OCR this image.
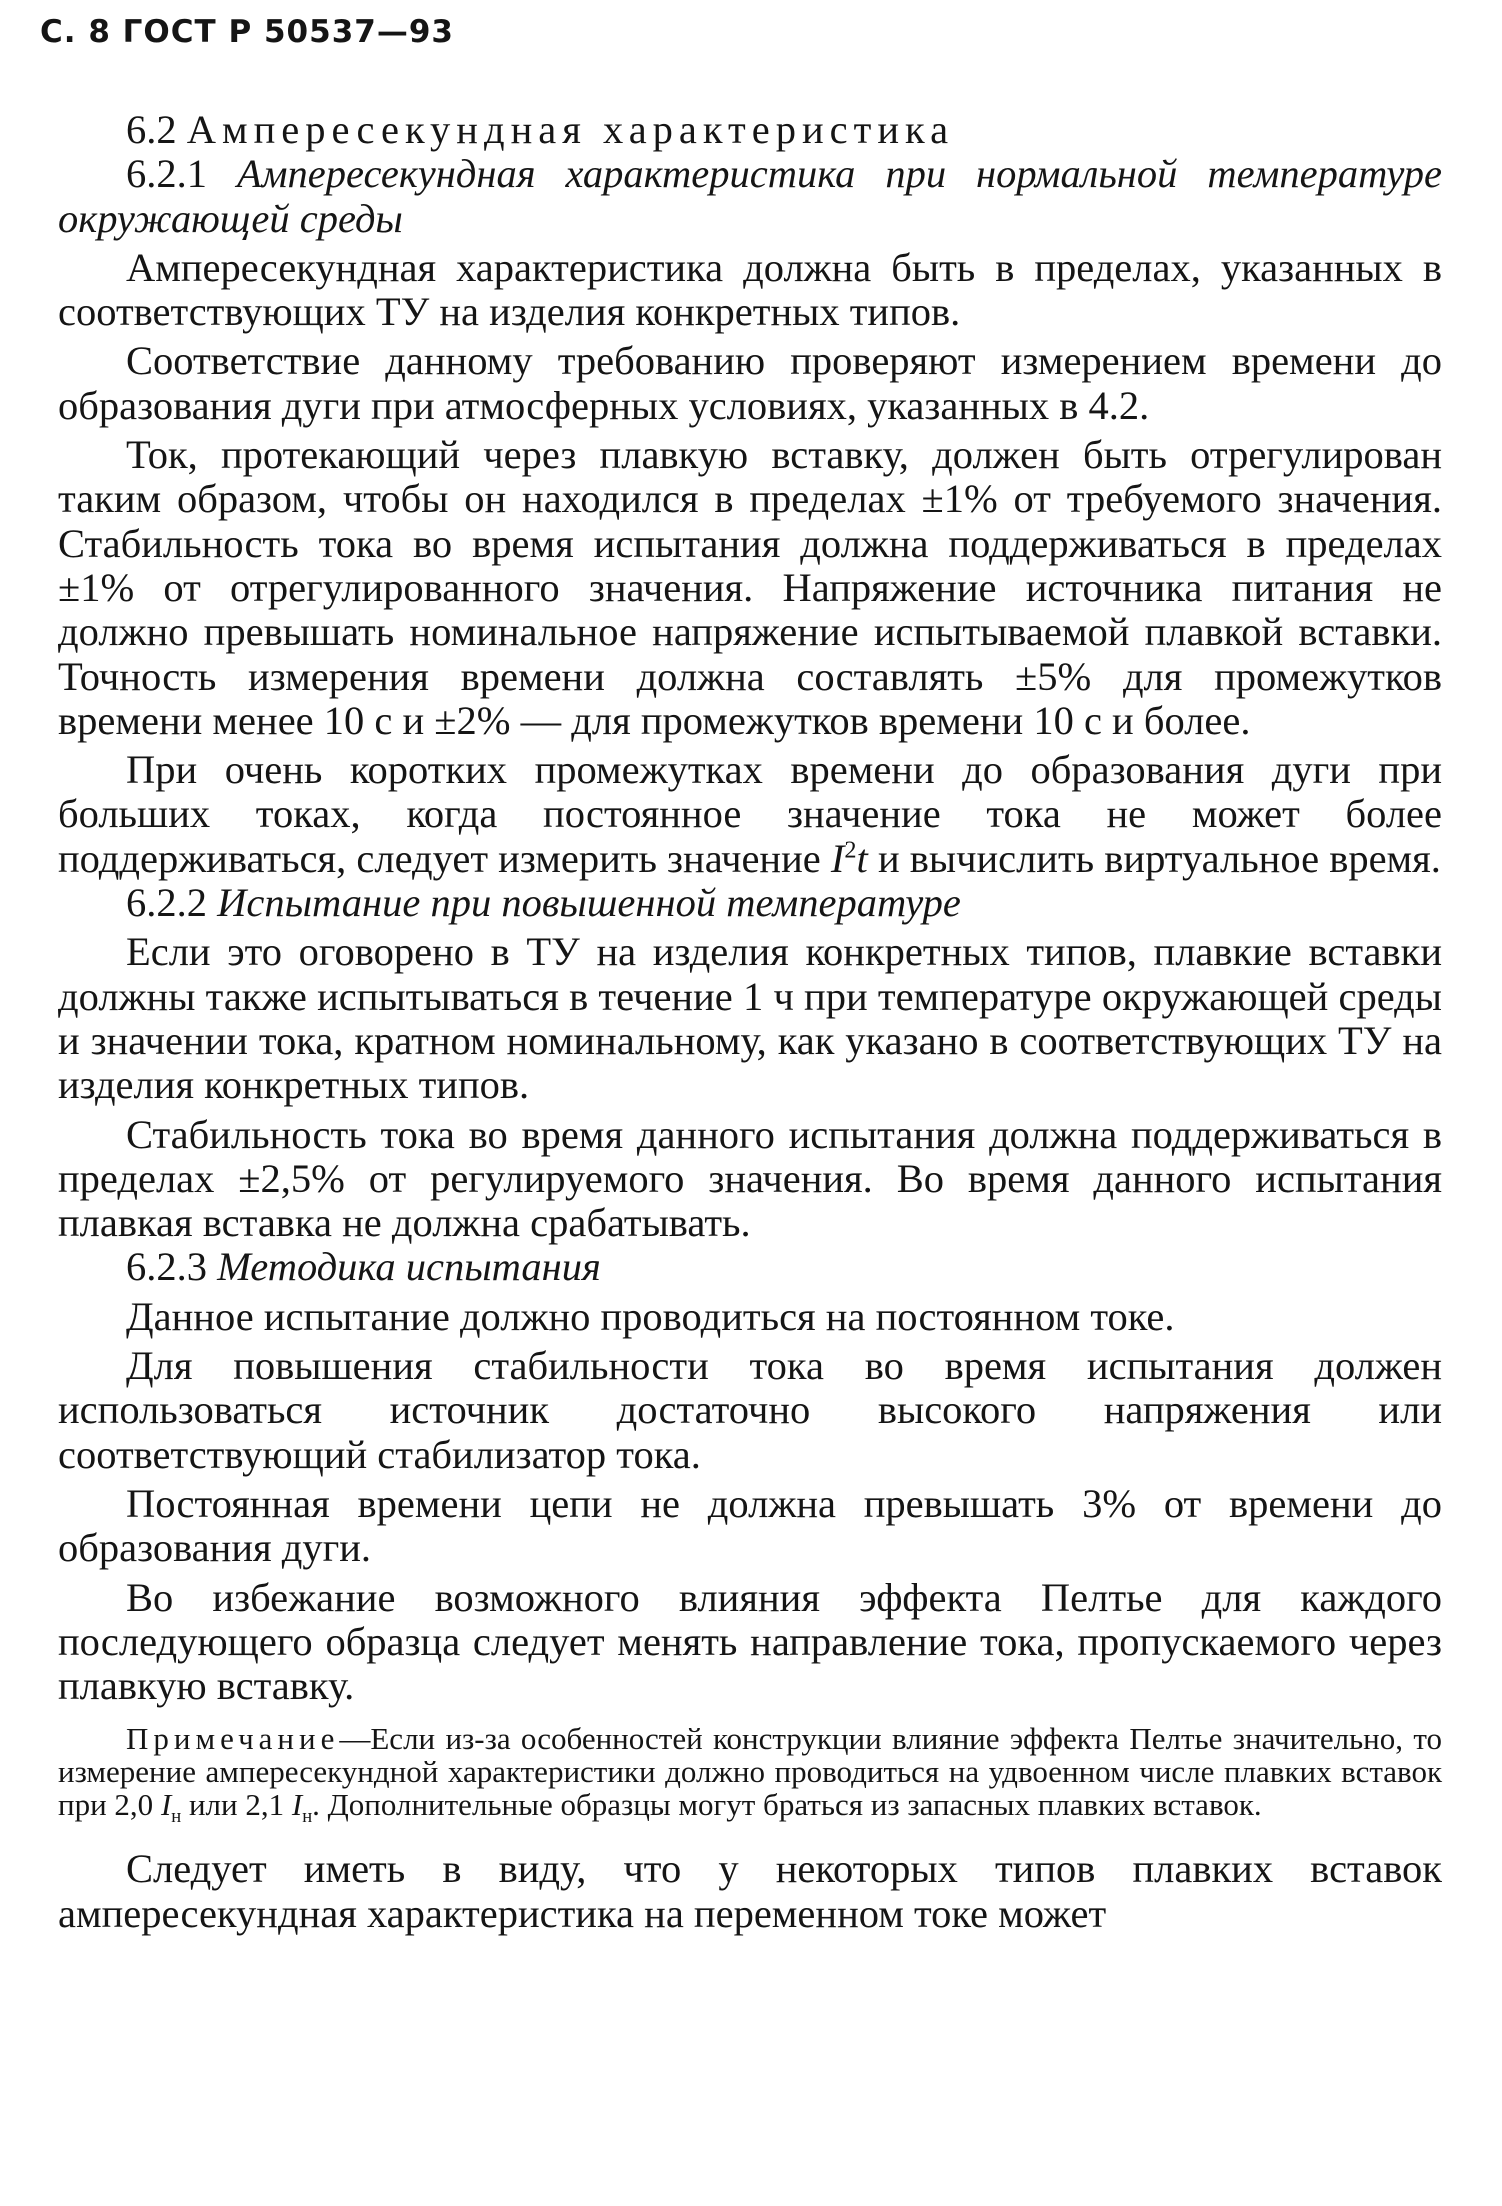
С. 8 ГОСТ Р 50537—93

6.2 Ампересекундная характеристика

6.2.1 Ампересекундная характеристика при нормальной температуре окружающей среды

Ампересекундная характеристика должна быть в пределах, указанных в соответствующих ТУ на изделия конкретных типов.

Соответствие данному требованию проверяют измерением времени до образования дуги при атмосферных условиях, указанных в 4.2.

Ток, протекающий через плавкую вставку, должен быть отрегулирован таким образом, чтобы он находился в пределах ±1% от требуемого значения. Стабильность тока во время испытания должна поддерживаться в пределах ±1% от отрегулированного значения. Напряжение источника питания не должно превышать номинальное напряжение испытываемой плавкой вставки. Точность измерения времени должна составлять ±5% для промежутков времени менее 10 с и ±2% — для промежутков времени 10 с и более.

При очень коротких промежутках времени до образования дуги при больших токах, когда постоянное значение тока не может более поддерживаться, следует измерить значение $I^2t$ и вычислить виртуальное время.

6.2.2 Испытание при повышенной температуре

Если это оговорено в ТУ на изделия конкретных типов, плавкие вставки должны также испытываться в течение 1 ч при температуре окружающей среды и значении тока, кратном номинальному, как указано в соответствующих ТУ на изделия конкретных типов.

Стабильность тока во время данного испытания должна поддерживаться в пределах ±2,5% от регулируемого значения. Во время данного испытания плавкая вставка не должна срабатывать.

6.2.3 Методика испытания

Данное испытание должно проводиться на постоянном токе.

Для повышения стабильности тока во время испытания должен использоваться источник достаточно высокого напряжения или соответствующий стабилизатор тока.

Постоянная времени цепи не должна превышать 3% от времени до образования дуги.

Во избежание возможного влияния эффекта Пелтье для каждого последующего образца следует менять направление тока, пропускаемого через плавкую вставку.

Примечание—Если из-за особенностей конструкции влияние эффекта Пелтье значительно, то измерение ампересекундной характеристики должно проводиться на удвоенном числе плавких вставок при 2,0 $I_н$ или 2,1 $I_н$. Дополнительные образцы могут браться из запасных плавких вставок.

Следует иметь в виду, что у некоторых типов плавких вставок ампересекундная характеристика на переменном токе может
